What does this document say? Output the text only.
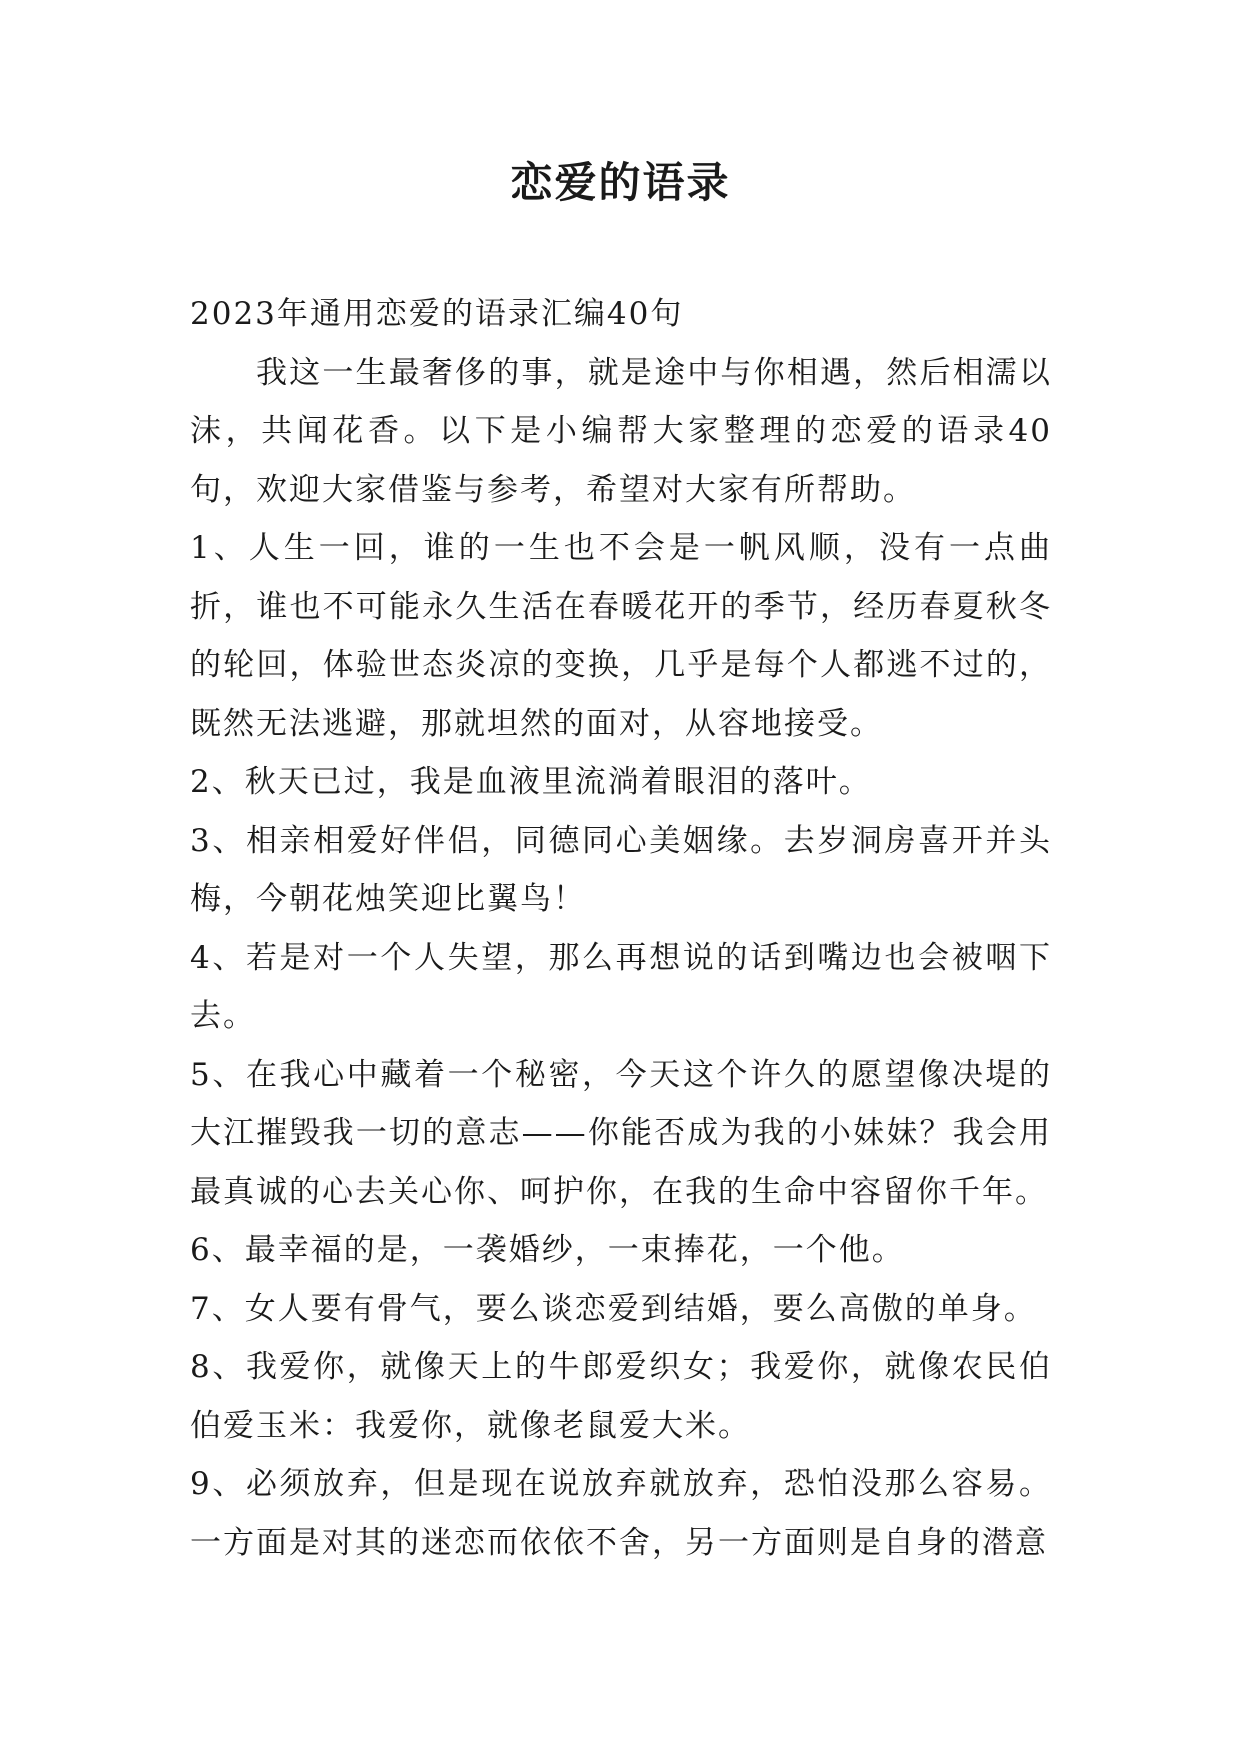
恋爱的语录

2023年通用恋爱的语录汇编40句

我这一生最奢侈的事，就是途中与你相遇，然后相濡以沫，共闻花香。以下是小编帮大家整理的恋爱的语录40句，欢迎大家借鉴与参考，希望对大家有所帮助。

1、人生一回，谁的一生也不会是一帆风顺，没有一点曲折，谁也不可能永久生活在春暖花开的季节，经历春夏秋冬的轮回，体验世态炎凉的变换，几乎是每个人都逃不过的，既然无法逃避，那就坦然的面对，从容地接受。

2、秋天已过，我是血液里流淌着眼泪的落叶。

3、相亲相爱好伴侣，同德同心美姻缘。去岁洞房喜开并头梅，今朝花烛笑迎比翼鸟！

4、若是对一个人失望，那么再想说的话到嘴边也会被咽下去。

5、在我心中藏着一个秘密，今天这个许久的愿望像决堤的大江摧毁我一切的意志——你能否成为我的小妹妹？我会用最真诚的心去关心你、呵护你，在我的生命中容留你千年。

6、最幸福的是，一袭婚纱，一束捧花，一个他。

7、女人要有骨气，要么谈恋爱到结婚，要么高傲的单身。

8、我爱你，就像天上的牛郎爱织女；我爱你，就像农民伯伯爱玉米：我爱你，就像老鼠爱大米。

9、必须放弃，但是现在说放弃就放弃，恐怕没那么容易。一方面是对其的迷恋而依依不舍，另一方面则是自身的潜意
